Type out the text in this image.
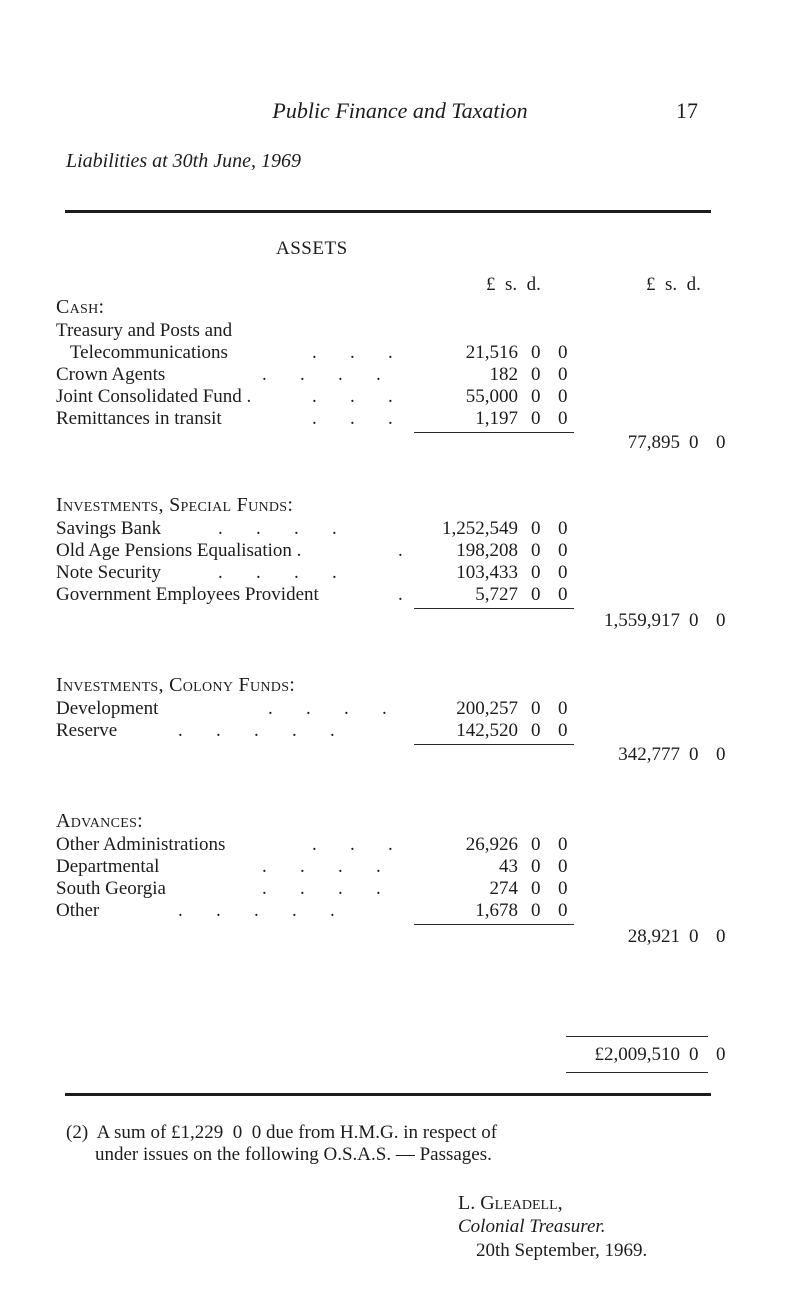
Public Finance and Taxation	17
Liabilities at 30th June, 1969
ASSETS
£  s.  d.	£  s.  d.
Cash:
Treasury and Posts and
Telecommunications	.       .       .	21,516 0 0
Crown Agents	.       .       .       .	182 0 0
Joint Consolidated Fund .	.       .       .	55,000 0 0
Remittances in transit	.       .       .	1,197 0 0
77,895 0 0
Investments, Special Funds:
Savings Bank	.       .       .       .	1,252,549 0 0
Old Age Pensions Equalisation .	.	198,208 0 0
Note Security	.       .       .       .	103,433 0 0
Government Employees Provident	.	5,727 0 0
1,559,917 0 0
Investments, Colony Funds:
Development	.       .       .       .	200,257 0 0
Reserve	.       .       .       .       .	142,520 0 0
342,777 0 0
Advances:
Other Administrations	.       .       .	26,926 0 0
Departmental	.       .       .       .	43 0 0
South Georgia	.       .       .       .	274 0 0
Other	.       .       .       .       .	1,678 0 0
28,921 0 0
£2,009,510 0 0
(2)  A sum of £1,229  0  0 due from H.M.G. in respect of
under issues on the following O.S.A.S. — Passages.
L. Gleadell,
Colonial Treasurer.
20th September, 1969.
